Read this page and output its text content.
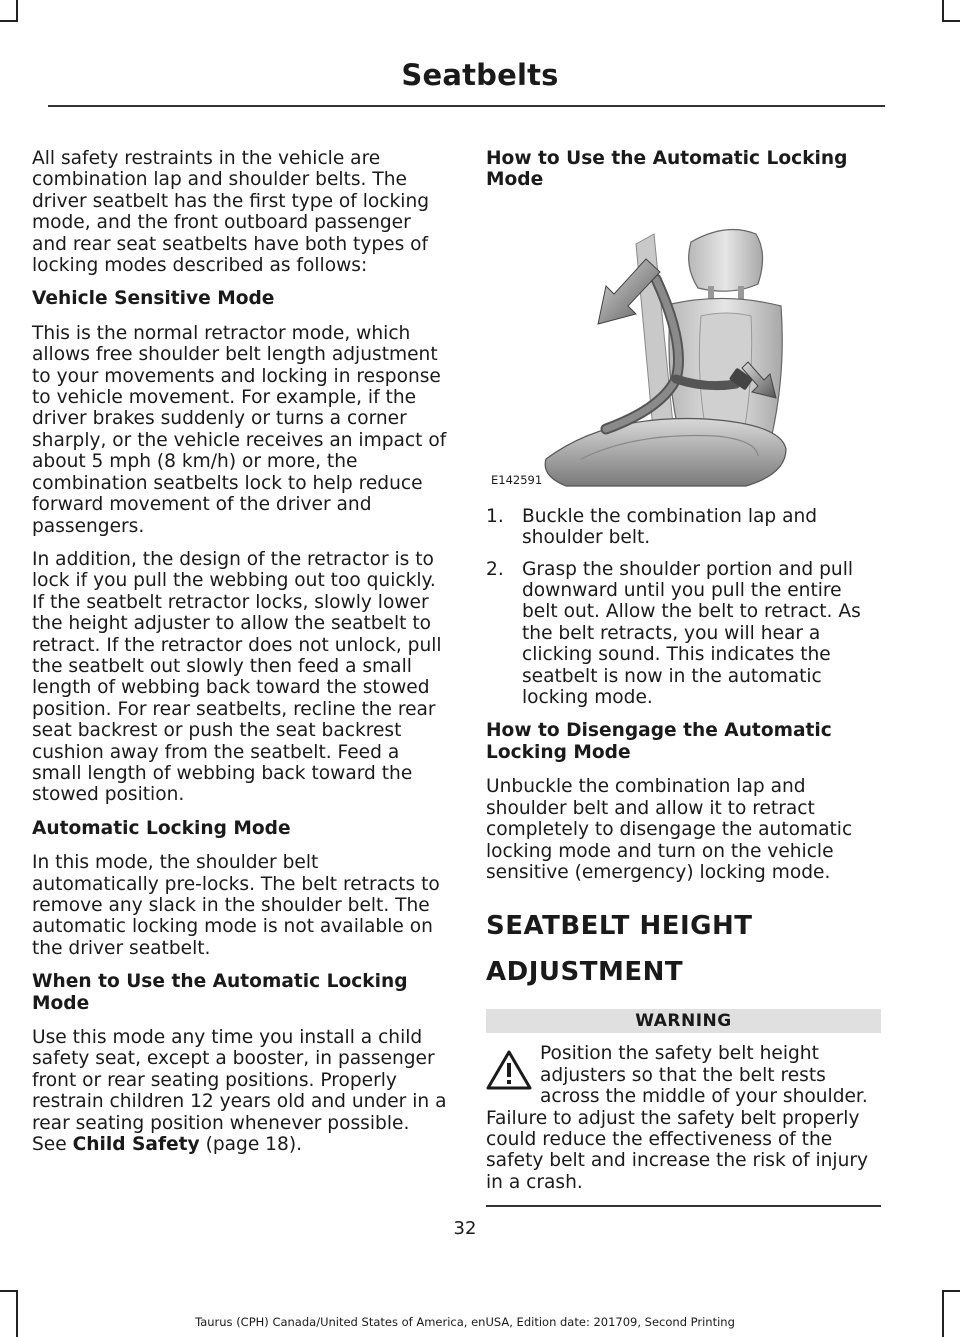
Seatbelts

All safety restraints in the vehicle are combination lap and shoulder belts. The driver seatbelt has the first type of locking mode, and the front outboard passenger and rear seat seatbelts have both types of locking modes described as follows:

Vehicle Sensitive Mode

This is the normal retractor mode, which allows free shoulder belt length adjustment to your movements and locking in response to vehicle movement. For example, if the driver brakes suddenly or turns a corner sharply, or the vehicle receives an impact of about 5 mph (8 km/h) or more, the combination seatbelts lock to help reduce forward movement of the driver and passengers.

In addition, the design of the retractor is to lock if you pull the webbing out too quickly. If the seatbelt retractor locks, slowly lower the height adjuster to allow the seatbelt to retract. If the retractor does not unlock, pull the seatbelt out slowly then feed a small length of webbing back toward the stowed position. For rear seatbelts, recline the rear seat backrest or push the seat backrest cushion away from the seatbelt. Feed a small length of webbing back toward the stowed position.

Automatic Locking Mode

In this mode, the shoulder belt automatically pre-locks. The belt retracts to remove any slack in the shoulder belt. The automatic locking mode is not available on the driver seatbelt.

When to Use the Automatic Locking Mode

Use this mode any time you install a child safety seat, except a booster, in passenger front or rear seating positions. Properly restrain children 12 years old and under in a rear seating position whenever possible. See Child Safety (page 18).

How to Use the Automatic Locking Mode
E142591
1. Buckle the combination lap and shoulder belt.
2. Grasp the shoulder portion and pull downward until you pull the entire belt out. Allow the belt to retract. As the belt retracts, you will hear a clicking sound. This indicates the seatbelt is now in the automatic locking mode.
How to Disengage the Automatic Locking Mode

Unbuckle the combination lap and shoulder belt and allow it to retract completely to disengage the automatic locking mode and turn on the vehicle sensitive (emergency) locking mode.

SEATBELT HEIGHT
ADJUSTMENT
WARNING
Position the safety belt height adjusters so that the belt rests across the middle of your shoulder. Failure to adjust the safety belt properly could reduce the effectiveness of the safety belt and increase the risk of injury in a crash.
32
Taurus (CPH) Canada/United States of America, enUSA, Edition date: 201709, Second Printing
